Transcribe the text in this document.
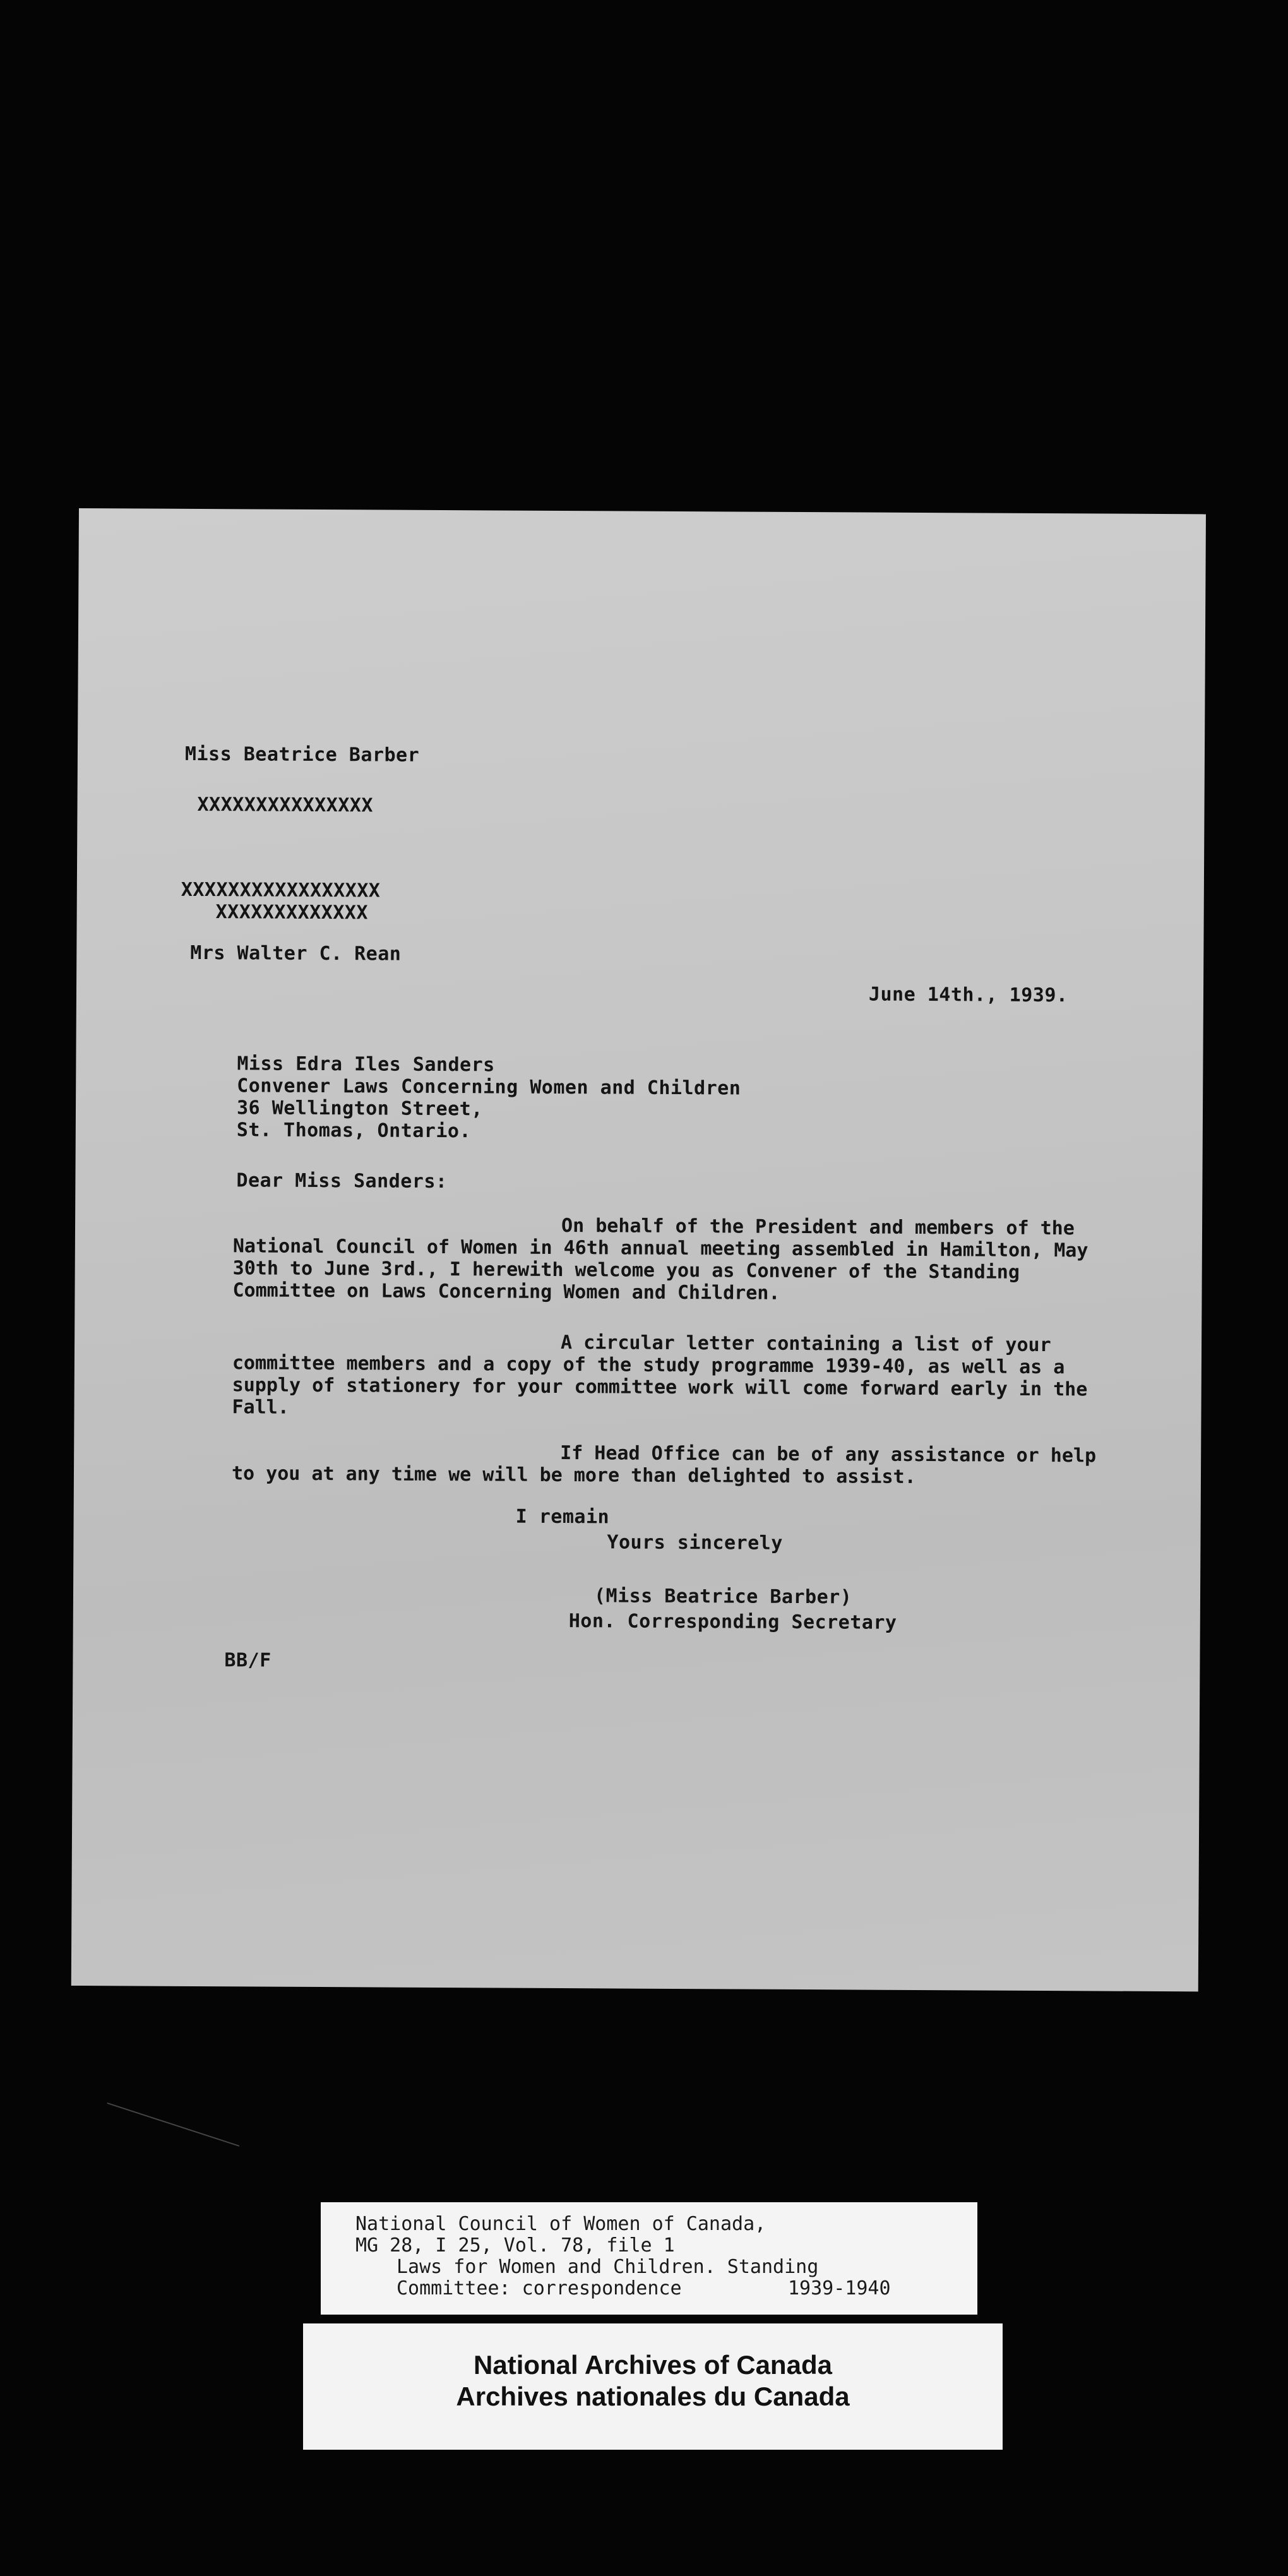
Miss Beatrice Barber
XXXXXXXXXXXXXXX
XXXXXXXXXXXXXXXXX
XXXXXXXXXXXXX
Mrs Walter C. Rean
June 14th., 1939.
Miss Edra Iles Sanders
Convener Laws Concerning Women and Children
36 Wellington Street,
St. Thomas, Ontario.
Dear Miss Sanders:
On behalf of the President and members of the National Council of Women in 46th annual meeting assembled in Hamilton, May 30th to June 3rd., I herewith welcome you as Convener of the Standing Committee on Laws Concerning Women and Children.
A circular letter containing a list of your committee members and a copy of the study programme 1939-40, as well as a supply of stationery for your committee work will come forward early in the Fall.
If Head Office can be of any assistance or help to you at any time we will be more than delighted to assist.
I remain
Yours sincerely
(Miss Beatrice Barber)
Hon. Corresponding Secretary
BB/F
National Council of Women of Canada,
MG 28, I 25, Vol. 78, file 1
Laws for Women and Children. Standing
Committee: correspondence	1939-1940
National Archives of Canada
Archives nationales du Canada
